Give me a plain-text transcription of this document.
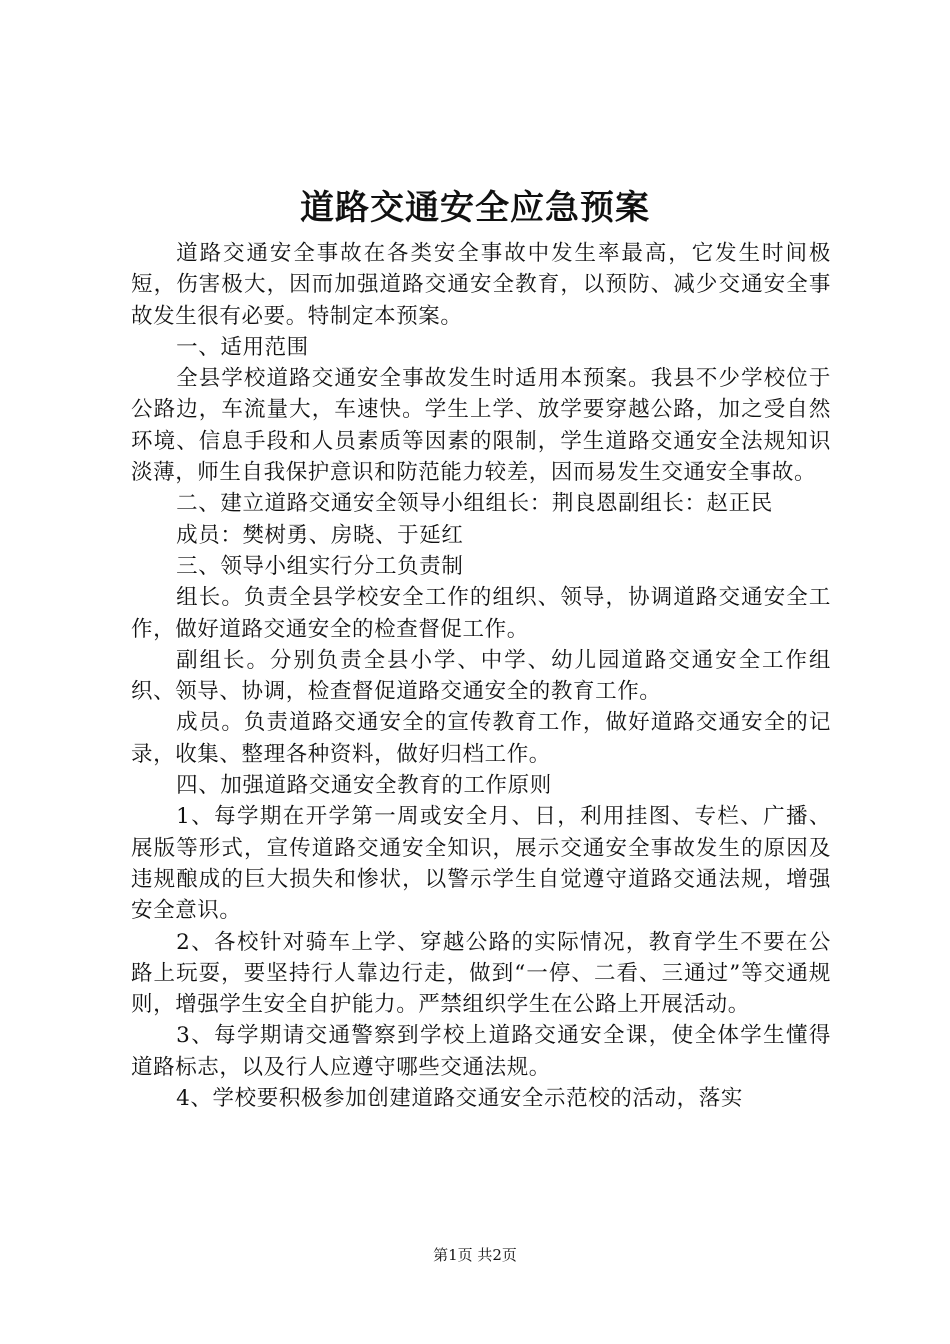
道路交通安全应急预案

道路交通安全事故在各类安全事故中发生率最高，它发生时间极短，伤害极大，因而加强道路交通安全教育，以预防、减少交通安全事故发生很有必要。特制定本预案。

一、适用范围

全县学校道路交通安全事故发生时适用本预案。我县不少学校位于公路边，车流量大，车速快。学生上学、放学要穿越公路，加之受自然环境、信息手段和人员素质等因素的限制，学生道路交通安全法规知识淡薄，师生自我保护意识和防范能力较差，因而易发生交通安全事故。

二、建立道路交通安全领导小组组长：荆良恩副组长：赵正民

成员：樊树勇、房晓、于延红

三、领导小组实行分工负责制

组长。负责全县学校安全工作的组织、领导，协调道路交通安全工作，做好道路交通安全的检查督促工作。

副组长。分别负责全县小学、中学、幼儿园道路交通安全工作组织、领导、协调，检查督促道路交通安全的教育工作。

成员。负责道路交通安全的宣传教育工作，做好道路交通安全的记录，收集、整理各种资料，做好归档工作。

四、加强道路交通安全教育的工作原则

1、每学期在开学第一周或安全月、日，利用挂图、专栏、广播、展版等形式，宣传道路交通安全知识，展示交通安全事故发生的原因及违规酿成的巨大损失和惨状，以警示学生自觉遵守道路交通法规，增强安全意识。

2、各校针对骑车上学、穿越公路的实际情况，教育学生不要在公路上玩耍，要坚持行人靠边行走，做到“一停、二看、三通过”等交通规则，增强学生安全自护能力。严禁组织学生在公路上开展活动。

3、每学期请交通警察到学校上道路交通安全课，使全体学生懂得道路标志，以及行人应遵守哪些交通法规。

4、学校要积极参加创建道路交通安全示范校的活动，落实

第1页 共2页
